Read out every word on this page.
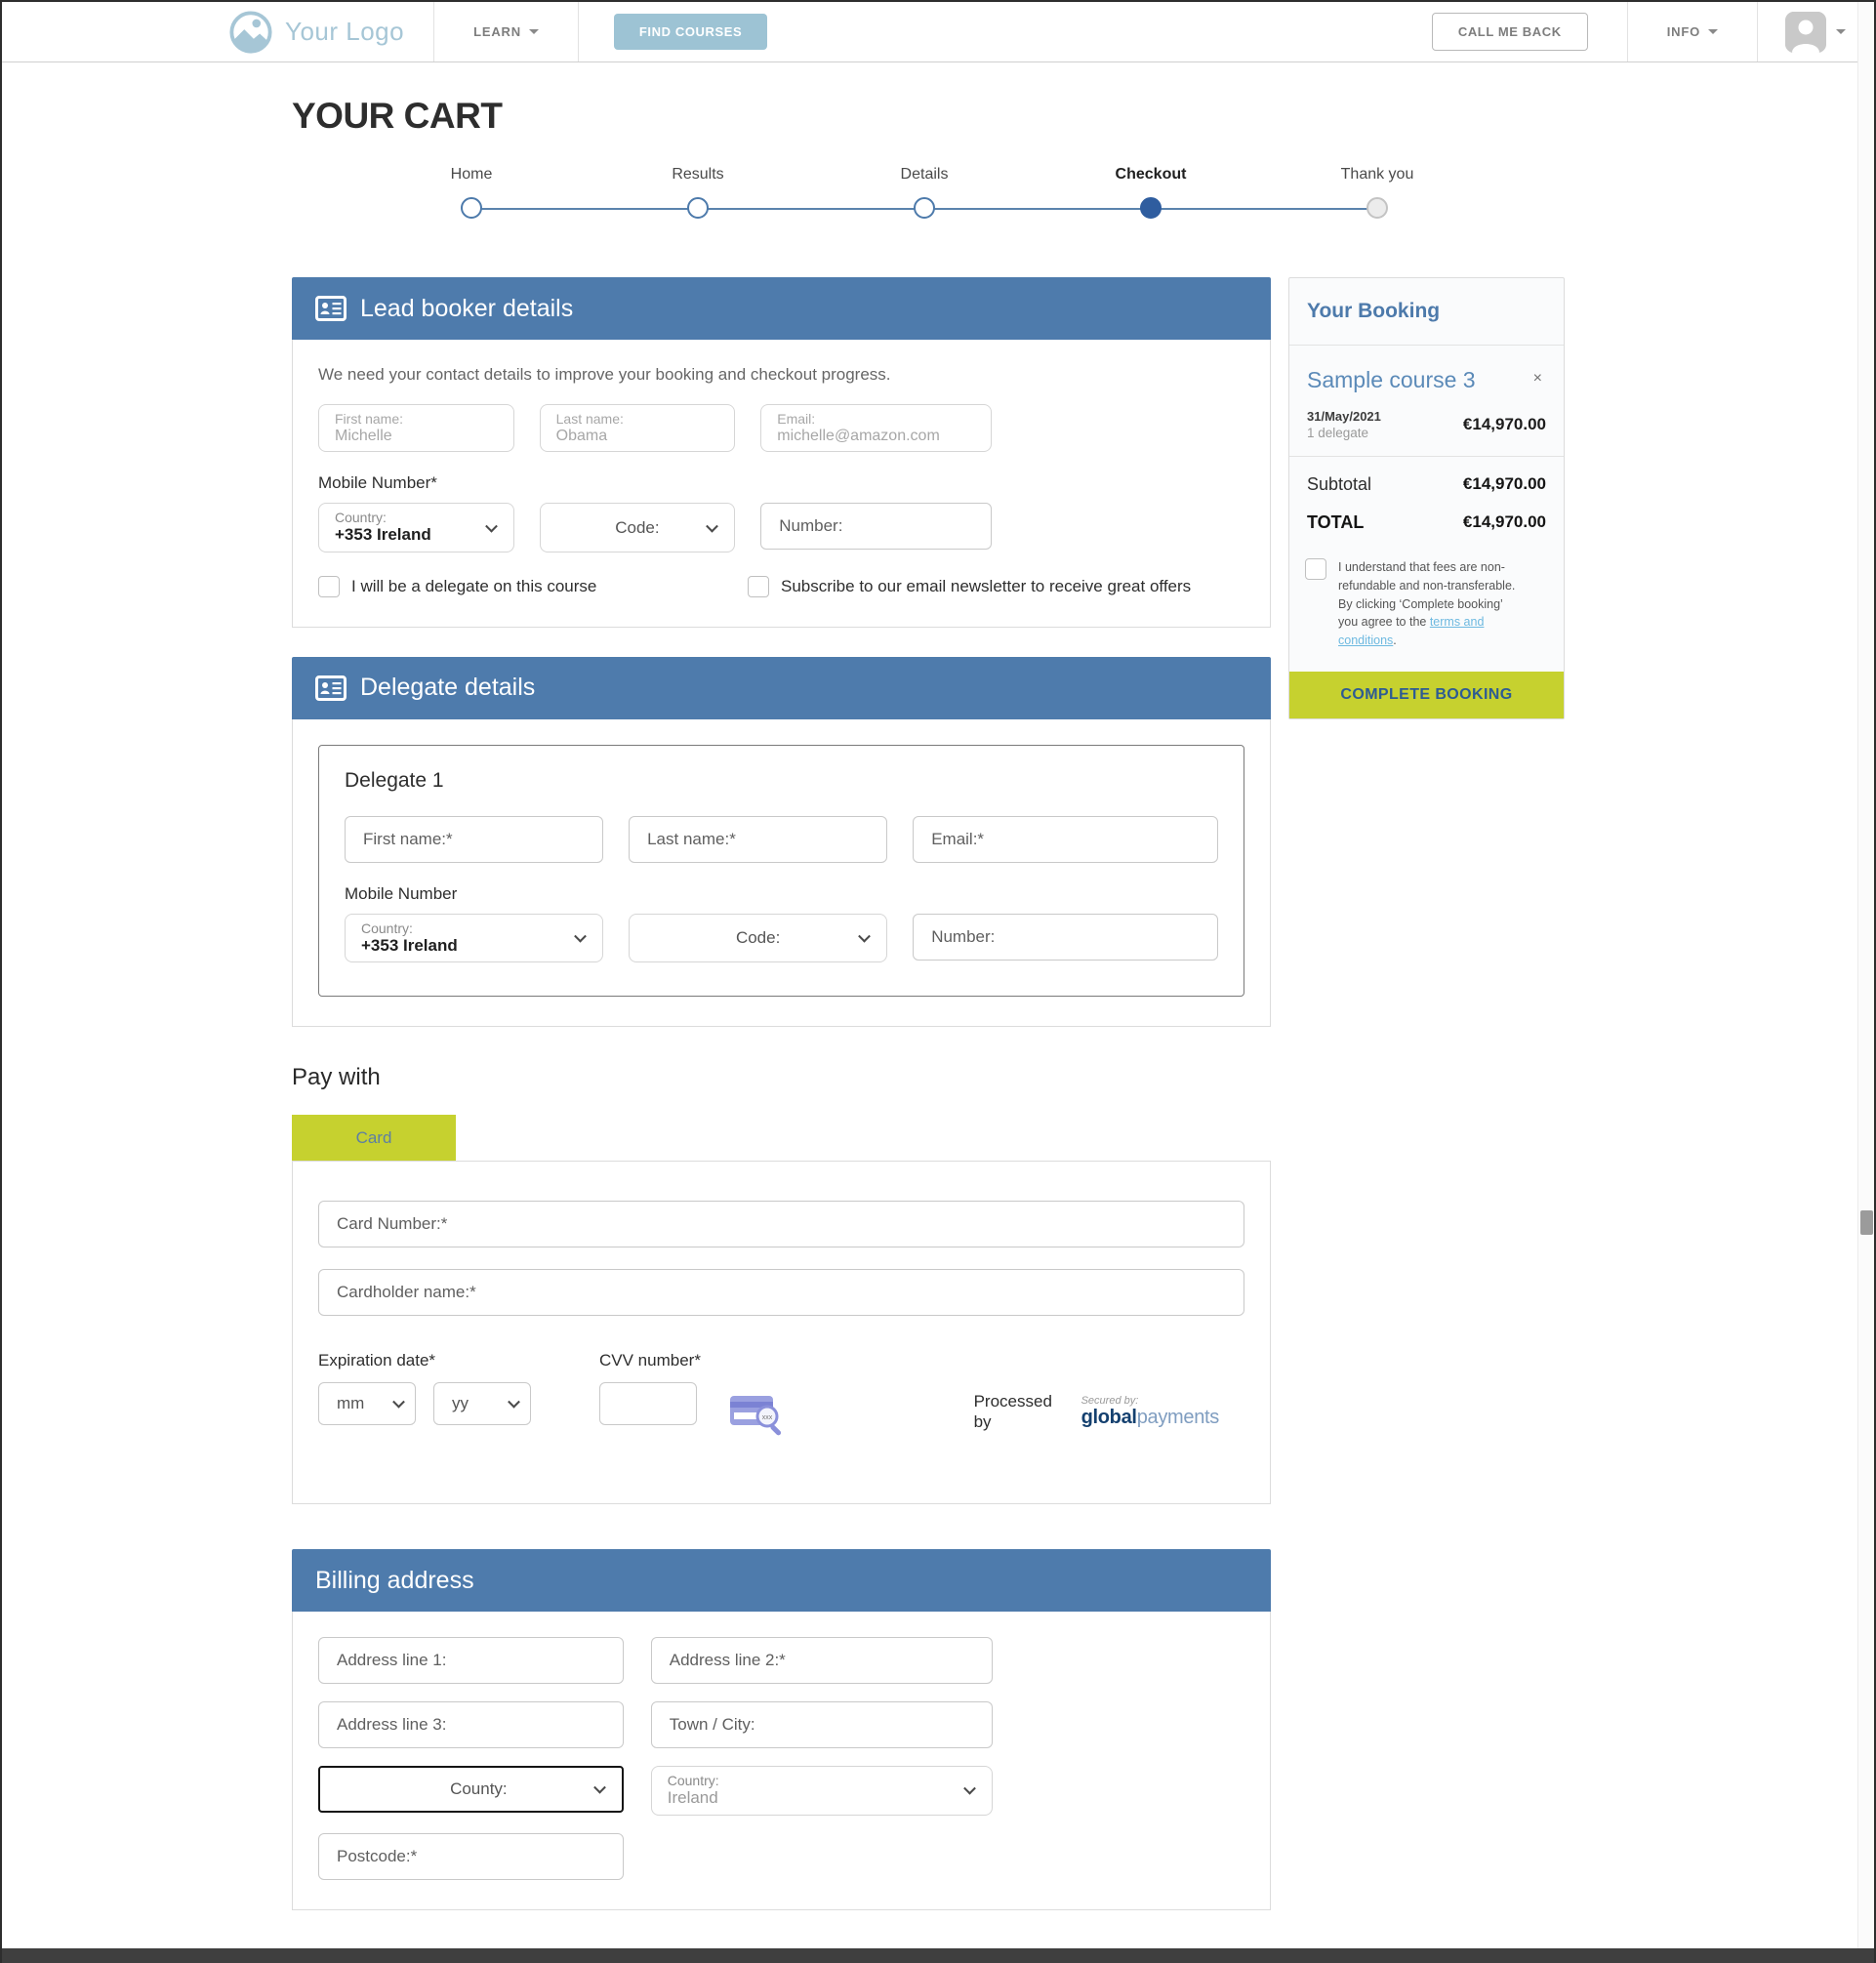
Your Logo	LEARN	FIND COURSES	CALL ME BACK	INFO
YOUR CART
Home	Results	Details	Checkout	Thank you
Lead booker details
We need your contact details to improve your booking and checkout progress.
First name:
Michelle
Last name:
Obama
Email:
michelle@amazon.com
Mobile Number*
Country:
+353 Ireland	Code:
Number:
I will be a delegate on this course	Subscribe to our email newsletter to receive great offers
Delegate details
Delegate 1
First name:*
Last name:*
Email:*
Mobile Number
Country:
+353 Ireland	Code:
Number:
Pay with
Card
Card Number:* Cardholder name:*
Expiration date*
mm	yy
CVV number*
xxx
Processed by
Secured by:
globalpayments
Billing address
Address line 1:
Address line 2:*
Address line 3:
Town / City:
County:	Country:
Ireland
Postcode:*
Your Booking
Sample course 3	×
31/May/2021
1 delegate	€14,970.00
Subtotal	€14,970.00
TOTAL	€14,970.00
I understand that fees are non-refundable and non-transferable.
By clicking ‘Complete booking’
you agree to the terms and conditions.
COMPLETE BOOKING
